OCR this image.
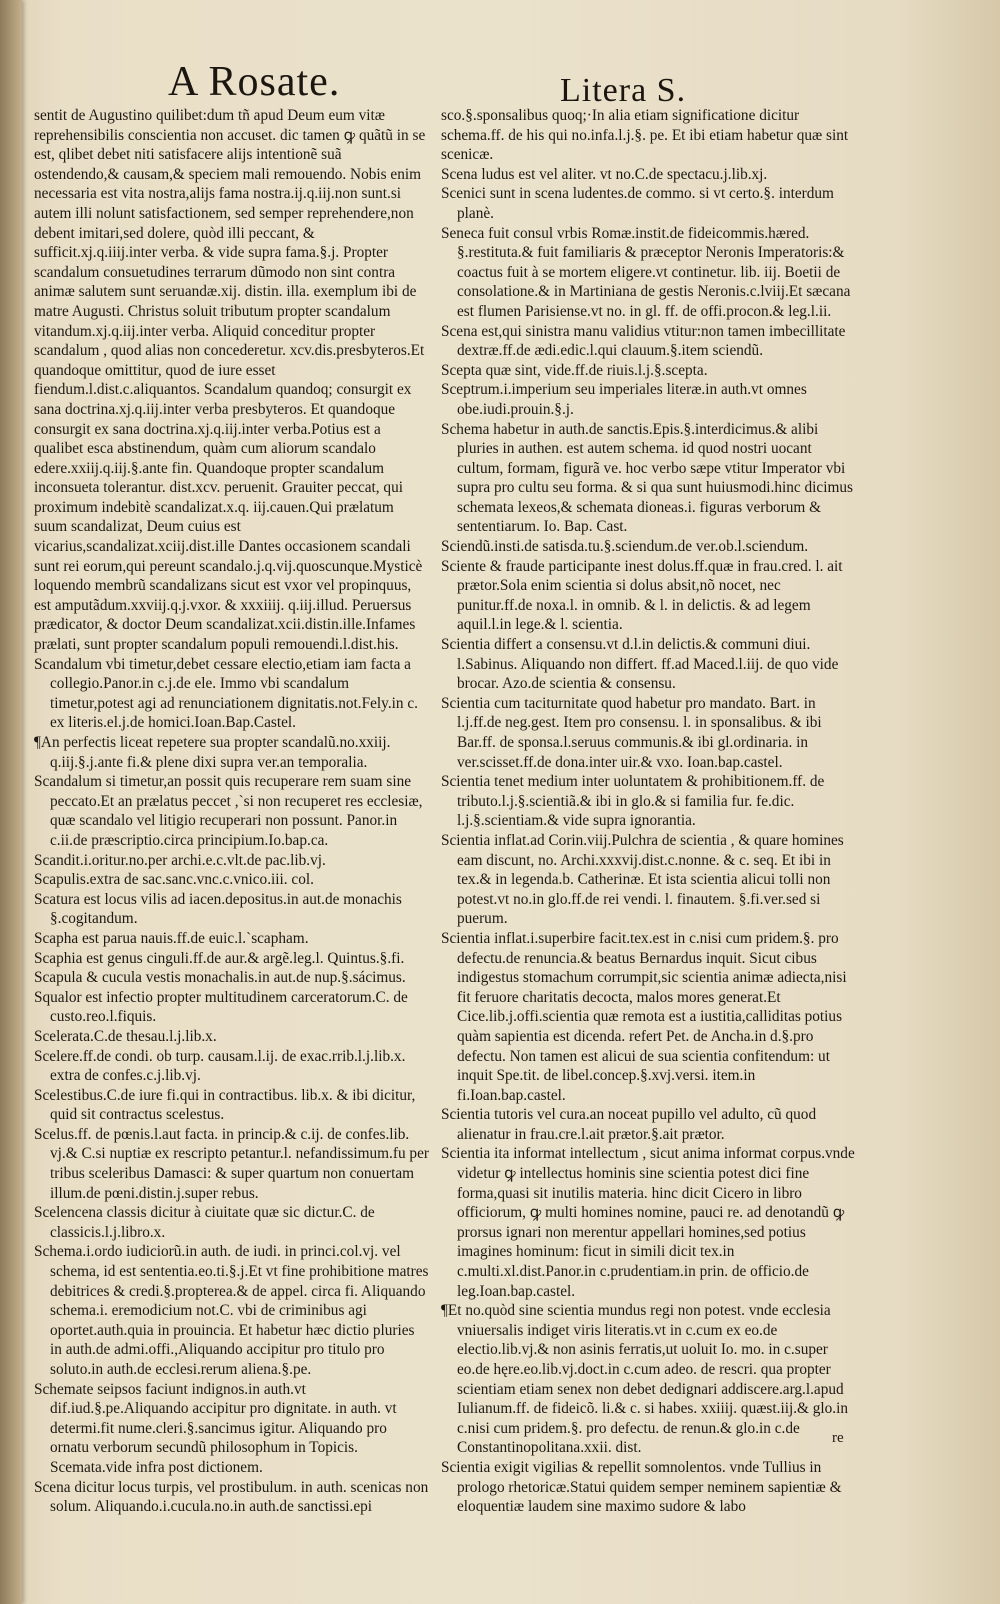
A Rosate.	Litera S.

sentit de Augustino quilibet:dum tñ apud Deum eum vitæ reprehensibilis conscientia non accuset. dic tamen ꝙ quãtũ in se est, qlibet debet niti satisfacere alijs intentionẽ suã ostendendo,& causam,& speciem mali remouendo. Nobis enim necessaria est vita nostra,alijs fama nostra.ij.q.iij.non sunt.si autem illi nolunt satisfactionem, sed semper reprehendere,non debent imitari,sed dolere, quòd illi peccant, & sufficit.xj.q.iiij.inter verba. & vide supra fama.§.j. Propter scandalum consuetudines terrarum dũmodo non sint contra animæ salutem sunt seruandæ.xij. distin. illa. exemplum ibi de matre Augusti. Christus soluit tributum propter scandalum vitandum.xj.q.iij.inter verba. Aliquid conceditur propter scandalum , quod alias non concederetur. xcv.dis.presbyteros.Et quandoque omittitur, quod de iure esset fiendum.l.dist.c.aliquantos. Scandalum quandoq; consurgit ex sana doctrina.xj.q.iij.inter verba presbyteros. Et quandoque consurgit ex sana doctrina.xj.q.iij.inter verba.Potius est a qualibet esca abstinendum, quàm cum aliorum scandalo edere.xxiij.q.iij.§.ante fin. Quandoque propter scandalum inconsueta tolerantur. dist.xcv. peruenit. Grauiter peccat, qui proximum indebitè scandalizat.x.q. iij.cauen.Qui prælatum suum scandalizat, Deum cuius est vicarius,scandalizat.xciij.dist.ille Dantes occasionem scandali sunt rei eorum,qui pereunt scandalo.j.q.vij.quoscunque.Mysticè loquendo membrũ scandalizans sicut est vxor vel propinquus, est amputãdum.xxviij.q.j.vxor. & xxxiiij. q.iij.illud. Peruersus prædicator, & doctor Deum scandalizat.xcii.distin.ille.Infames prælati, sunt propter scandalum populi remouendi.l.dist.his.

Scandalum vbi timetur,debet cessare electio,etiam iam facta a collegio.Panor.in c.j.de ele. Immo vbi scandalum timetur,potest agi ad renunciationem dignitatis.not.Fely.in c. ex literis.el.j.de homici.Ioan.Bap.Castel.

¶An perfectis liceat repetere sua propter scandalũ.no.xxiij. q.iij.§.j.ante fi.& plene dixi supra ver.an temporalia.

Scandalum si timetur,an possit quis recuperare rem suam sine peccato.Et an prælatus peccet ,`si non recuperet res ecclesiæ, quæ scandalo vel litigio recuperari non possunt. Panor.in c.ii.de præscriptio.circa principium.Io.bap.ca.

Scandit.i.oritur.no.per archi.e.c.vlt.de pac.lib.vj.

Scapulis.extra de sac.sanc.vnc.c.vnico.iii. col.

Scatura est locus vilis ad iacen.depositus.in aut.de monachis §.cogitandum.

Scapha est parua nauis.ff.de euic.l.`scapham.

Scaphia est genus cinguli.ff.de aur.& argẽ.leg.l. Quintus.§.fi.

Scapula & cucula vestis monachalis.in aut.de nup.§.sácimus.

Squalor est infectio propter multitudinem carceratorum.C. de custo.reo.l.fiquis.

Scelerata.C.de thesau.l.j.lib.x.

Scelere.ff.de condi. ob turp. causam.l.ij. de exac.rrib.l.j.lib.x. extra de confes.c.j.lib.vj.

Scelestibus.C.de iure fi.qui in contractibus. lib.x. & ibi dicitur, quid sit contractus scelestus.

Scelus.ff. de pœnis.l.aut facta. in princip.& c.ij. de confes.lib. vj.& C.si nuptiæ ex rescripto petantur.l. nefandissimum.fu per tribus sceleribus Damasci: & super quartum non conuertam illum.de pœni.distin.j.super rebus.

Scelencena classis dicitur à ciuitate quæ sic dictur.C. de classicis.l.j.libro.x.

Schema.i.ordo iudiciorũ.in auth. de iudi. in princi.col.vj. vel schema, id est sententia.eo.ti.§.j.Et vt fine prohibitione matres debitrices & credi.§.propterea.& de appel. circa fi. Aliquando schema.i. eremodicium not.C. vbi de criminibus agi oportet.auth.quia in prouincia. Et habetur hæc dictio pluries in auth.de admi.offi.,Aliquando accipitur pro titulo pro soluto.in auth.de ecclesi.rerum aliena.§.pe.

Schemate seipsos faciunt indignos.in auth.vt dif.iud.§.pe.Aliquando accipitur pro dignitate. in auth. vt determi.fit nume.cleri.§.sancimus igitur. Aliquando pro ornatu verborum secundũ philosophum in Topicis. Scemata.vide infra post dictionem.

Scena dicitur locus turpis, vel prostibulum. in auth. scenicas non solum. Aliquando.i.cucula.no.in auth.de sanctissi.epi

sco.§.sponsalibus quoq;·In alia etiam significatione dicitur schema.ff. de his qui no.infa.l.j.§. pe. Et ibi etiam habetur quæ sint scenicæ.

Scena ludus est vel aliter. vt no.C.de spectacu.j.lib.xj.

Scenici sunt in scena ludentes.de commo. si vt certo.§. interdum planè.

Seneca fuit consul vrbis Romæ.instit.de fideicommis.hæred. §.restituta.& fuit familiaris & præceptor Neronis Imperatoris:& coactus fuit à se mortem eligere.vt continetur. lib. iij. Boetii de consolatione.& in Martiniana de gestis Neronis.c.lviij.Et sæcana est flumen Parisiense.vt no. in gl. ff. de offi.procon.& leg.l.ii.

Scena est,qui sinistra manu validius vtitur:non tamen imbecillitate dextræ.ff.de ædi.edic.l.qui clauum.§.item sciendũ.

Scepta quæ sint, vide.ff.de riuis.l.j.§.scepta.

Sceptrum.i.imperium seu imperiales literæ.in auth.vt omnes obe.iudi.prouin.§.j.

Schema habetur in auth.de sanctis.Epis.§.interdicimus.& alibi pluries in authen. est autem schema. id quod nostri uocant cultum, formam, figurã ve. hoc verbo sæpe vtitur Imperator vbi supra pro cultu seu forma. & si qua sunt huiusmodi.hinc dicimus schemata lexeos,& schemata dioneas.i. figuras verborum & sententiarum. Io. Bap. Cast.

Sciendũ.insti.de satisda.tu.§.sciendum.de ver.ob.l.sciendum.

Sciente & fraude participante inest dolus.ff.quæ in frau.cred. l. ait prætor.Sola enim scientia si dolus absit,nõ nocet, nec punitur.ff.de noxa.l. in omnib. & l. in delictis. & ad legem aquil.l.in lege.& l. scientia.

Scientia differt a consensu.vt d.l.in delictis.& communi diui. l.Sabinus. Aliquando non differt. ff.ad Maced.l.iij. de quo vide brocar. Azo.de scientia & consensu.

Scientia cum taciturnitate quod habetur pro mandato. Bart. in l.j.ff.de neg.gest. Item pro consensu. l. in sponsalibus. & ibi Bar.ff. de sponsa.l.seruus communis.& ibi gl.ordinaria. in ver.scisset.ff.de dona.inter uir.& vxo. Ioan.bap.castel.

Scientia tenet medium inter uoluntatem & prohibitionem.ff. de tributo.l.j.§.scientiã.& ibi in glo.& si familia fur. fe.dic. l.j.§.scientiam.& vide supra ignorantia.

Scientia inflat.ad Corin.viij.Pulchra de scientia , & quare homines eam discunt, no. Archi.xxxvij.dist.c.nonne. & c. seq. Et ibi in tex.& in legenda.b. Catherinæ. Et ista scientia alicui tolli non potest.vt no.in glo.ff.de rei vendi. l. finautem. §.fi.ver.sed si puerum.

Scientia inflat.i.superbire facit.tex.est in c.nisi cum pridem.§. pro defectu.de renuncia.& beatus Bernardus inquit. Sicut cibus indigestus stomachum corrumpit,sic scientia animæ adiecta,nisi fit feruore charitatis decocta, malos mores generat.Et Cice.lib.j.offi.scientia quæ remota est a iustitia,calliditas potius quàm sapientia est dicenda. refert Pet. de Ancha.in d.§.pro defectu. Non tamen est alicui de sua scientia confitendum: ut inquit Spe.tit. de libel.concep.§.xvj.versi. item.in fi.Ioan.bap.castel.

Scientia tutoris vel cura.an noceat pupillo vel adulto, cũ quod alienatur in frau.cre.l.ait prætor.§.ait prætor.

Scientia ita informat intellectum , sicut anima informat corpus.vnde videtur ꝙ intellectus hominis sine scientia potest dici fine forma,quasi sit inutilis materia. hinc dicit Cicero in libro officiorum, ꝙ multi homines nomine, pauci re. ad denotandũ ꝙ prorsus ignari non merentur appellari homines,sed potius imagines hominum: ficut in simili dicit tex.in c.multi.xl.dist.Panor.in c.prudentiam.in prin. de officio.de leg.Ioan.bap.castel.

¶Et no.quòd sine scientia mundus regi non potest. vnde ecclesia vniuersalis indiget viris literatis.vt in c.cum ex eo.de electio.lib.vj.& non asinis ferratis,ut uoluit Io. mo. in c.super eo.de hęre.eo.lib.vj.doct.in c.cum adeo. de rescri. qua propter scientiam etiam senex non debet dedignari addiscere.arg.l.apud Iulianum.ff. de fideicõ. li.& c. si habes. xxiiij. quæst.iij.& glo.in c.nisi cum pridem.§. pro defectu. de renun.& glo.in c.de Constantinopolitana.xxii. dist.

Scientia exigit vigilias & repellit somnolentos. vnde Tullius in prologo rhetoricæ.Statui quidem semper neminem sapientiæ & eloquentiæ laudem sine maximo sudore & labo

re
